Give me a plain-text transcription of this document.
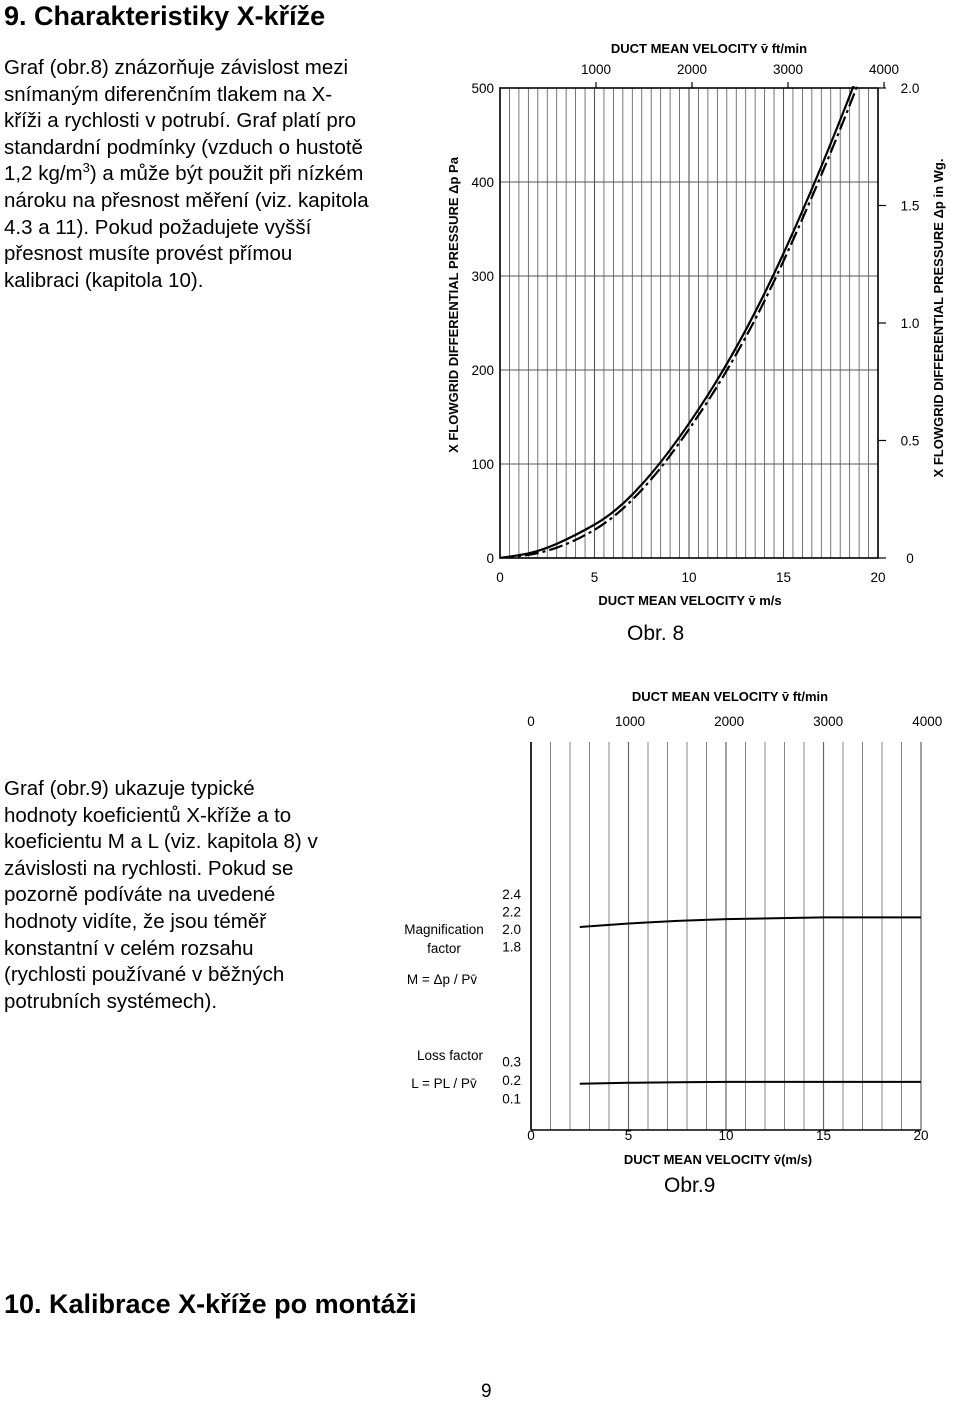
9. Charakteristiky X-kříže
Graf (obr.8) znázorňuje závislost mezi
snímaným diferenčním tlakem na X-
kříži a rychlosti v potrubí. Graf platí pro
standardní podmínky (vzduch o hustotě
1,2 $kg/m^3$) a může být použit při nízkém
nároku na přesnost měření (viz. kapitola
4.3 a 11). Pokud požadujete vyšší
přesnost musíte provést přímou
kalibraci (kapitola 10).
0
100
200
300
400
500
0
0.5
1.0
1.5
2.0
0	5	10	15	20
1000	2000	3000	4000
DUCT MEAN VELOCITY v̄ ft/min
DUCT MEAN VELOCITY v̄ m/s
X FLOWGRID DIFFERENTIAL PRESSURE Δp Pa	X FLOWGRID DIFFERENTIAL PRESSURE Δp in Wg.
Obr. 8
Graf (obr.9) ukazuje typické
hodnoty koeficientů X-kříže a to
koeficientu M a L (viz. kapitola 8) v
závislosti na rychlosti. Pokud se
pozorně podíváte na uvedené
hodnoty vidíte, že jsou téměř
konstantní v celém rozsahu
(rychlosti používané v běžných
potrubních systémech).
0	1000	2000	3000	4000
DUCT MEAN VELOCITY v̄ ft/min
0	5	10	15	20
DUCT MEAN VELOCITY v̄(m/s)
2.4
2.2
2.0
1.8
Magnification
factor
M = Δp / Pv̄
0.3
0.2
0.1
Loss factor
L = PL / Pv̄
Obr.9
10. Kalibrace X-kříže po montáži
9
